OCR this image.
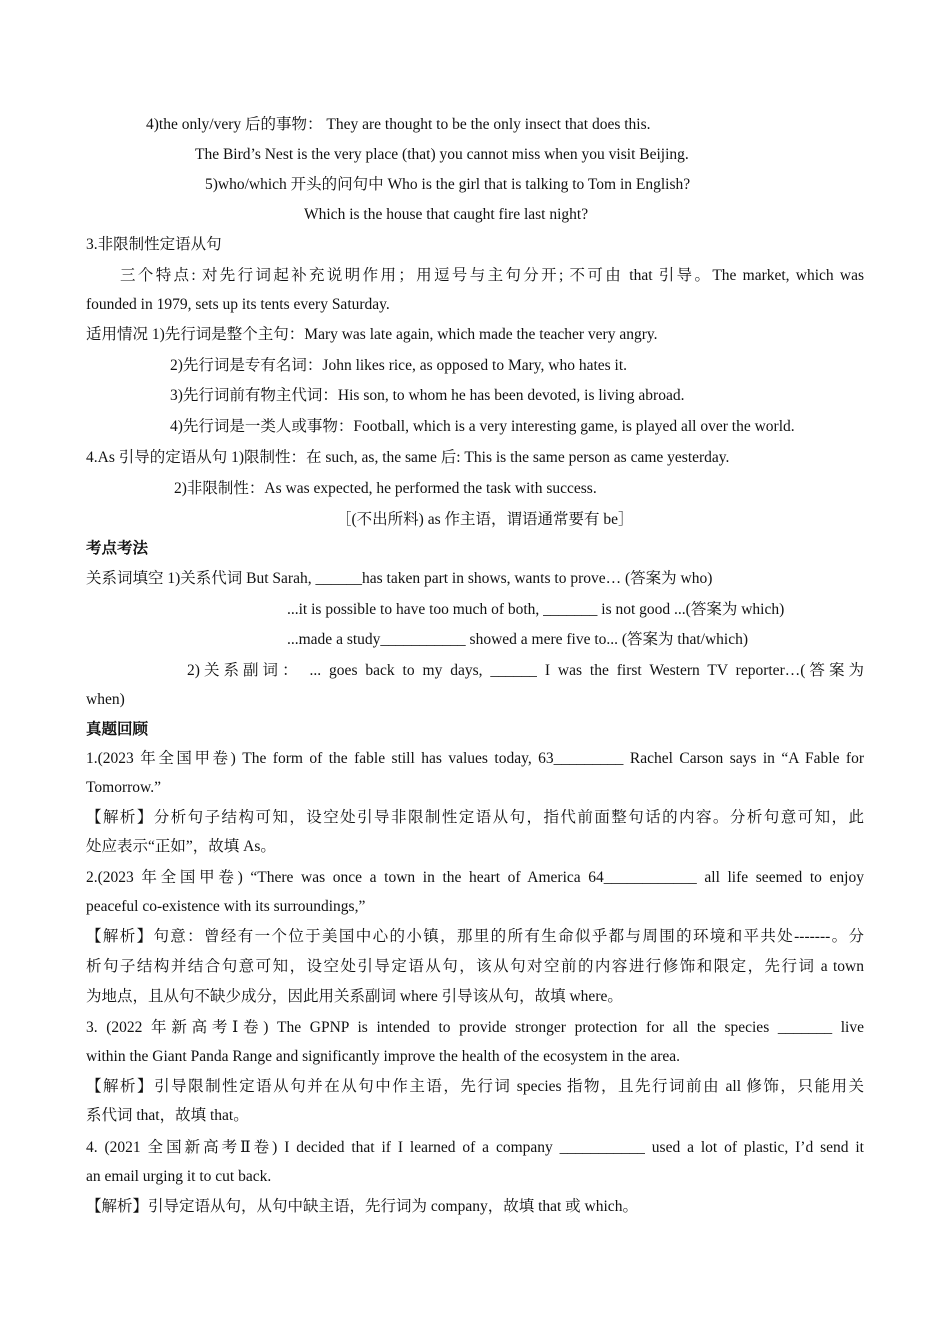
4)the only/very 后的事物： They are thought to be the only insect that does this.
The Bird’s Nest is the very place (that) you cannot miss when you visit Beijing.
5)who/which 开头的问句中 Who is the girl that is talking to Tom in English?
Which is the house that caught fire last night?
3.非限制性定语从句
三个特点: 对先行词起补充说明作用；用逗号与主句分开; 不可由 that 引导。The market, which was
founded in 1979, sets up its tents every Saturday.
适用情况 1)先行词是整个主句：Mary was late again, which made the teacher very angry.
2)先行词是专有名词：John likes rice, as opposed to Mary, who hates it.
3)先行词前有物主代词：His son, to whom he has been devoted, is living abroad.
4)先行词是一类人或事物：Football, which is a very interesting game, is played all over the world.
4.As 引导的定语从句 1)限制性：在 such, as, the same 后: This is the same person as came yesterday.
2)非限制性：As was expected, he performed the task with success.
［(不出所料) as 作主语，谓语通常要有 be］
考点考法
关系词填空 1)关系代词 But Sarah, ______has taken part in shows, wants to prove… (答案为 who)
...it is possible to have too much of both, _______ is not good ...(答案为 which)
...made a study___________ showed a mere five to... (答案为 that/which)
2)关系副词： ... goes back to my days, ______ I was the first Western TV reporter…(答案为
when)
真题回顾
1.(2023 年全国甲卷) The form of the fable still has values today, 63_________ Rachel Carson says in “A Fable for
Tomorrow.”
【解析】分析句子结构可知，设空处引导非限制性定语从句，指代前面整句话的内容。分析句意可知，此
处应表示“正如”，故填 As。
2.(2023 年全国甲卷) “There was once a town in the heart of America 64____________ all life seemed to enjoy
peaceful co-existence with its surroundings,”
【解析】句意：曾经有一个位于美国中心的小镇，那里的所有生命似乎都与周围的环境和平共处-------。分
析句子结构并结合句意可知，设空处引导定语从句，该从句对空前的内容进行修饰和限定，先行词 a town
为地点，且从句不缺少成分，因此用关系副词 where 引导该从句，故填 where。
3. (2022 年新高考Ⅰ卷) The GPNP is intended to provide stronger protection for all the species _______ live
within the Giant Panda Range and significantly improve the health of the ecosystem in the area.
【解析】引导限制性定语从句并在从句中作主语，先行词 species 指物，且先行词前由 all 修饰，只能用关
系代词 that，故填 that。
4. (2021 全国新高考Ⅱ卷) I decided that if I learned of a company ___________ used a lot of plastic, I’d send it
an email urging it to cut back.
【解析】引导定语从句，从句中缺主语，先行词为 company，故填 that 或 which。
